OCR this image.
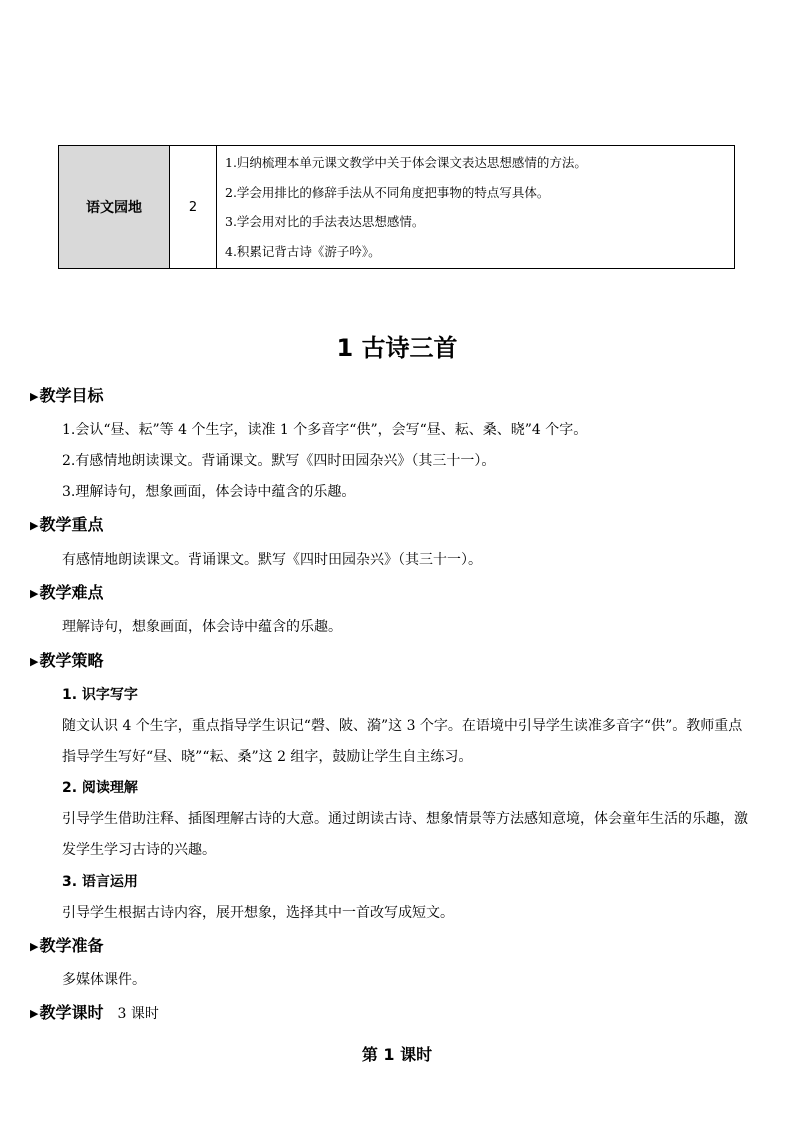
语文园地	2	
1.归纳梳理本单元课文教学中关于体会课文表达思想感情的方法。
2.学会用排比的修辞手法从不同角度把事物的特点写具体。
3.学会用对比的手法表达思想感情。
4.积累记背古诗《游子吟》。
1 古诗三首
▶教学目标
1.会认“昼、耘”等 4 个生字，读准 1 个多音字“供”，会写“昼、耘、桑、晓”4 个字。
2.有感情地朗读课文。背诵课文。默写《四时田园杂兴》（其三十一）。
3.理解诗句，想象画面，体会诗中蕴含的乐趣。
▶教学重点
有感情地朗读课文。背诵课文。默写《四时田园杂兴》（其三十一）。
▶教学难点
理解诗句，想象画面，体会诗中蕴含的乐趣。
▶教学策略
1. 识字写字
随文认识 4 个生字，重点指导学生识记“磬、陂、漪”这 3 个字。在语境中引导学生读准多音字“供”。教师重点指导学生写好“昼、晓”“耘、桑”这 2 组字，鼓励让学生自主练习。
2. 阅读理解
引导学生借助注释、插图理解古诗的大意。通过朗读古诗、想象情景等方法感知意境，体会童年生活的乐趣，激发学生学习古诗的兴趣。
3. 语言运用
引导学生根据古诗内容，展开想象，选择其中一首改写成短文。
▶教学准备
多媒体课件。
▶教学课时 3 课时
第 1 课时
